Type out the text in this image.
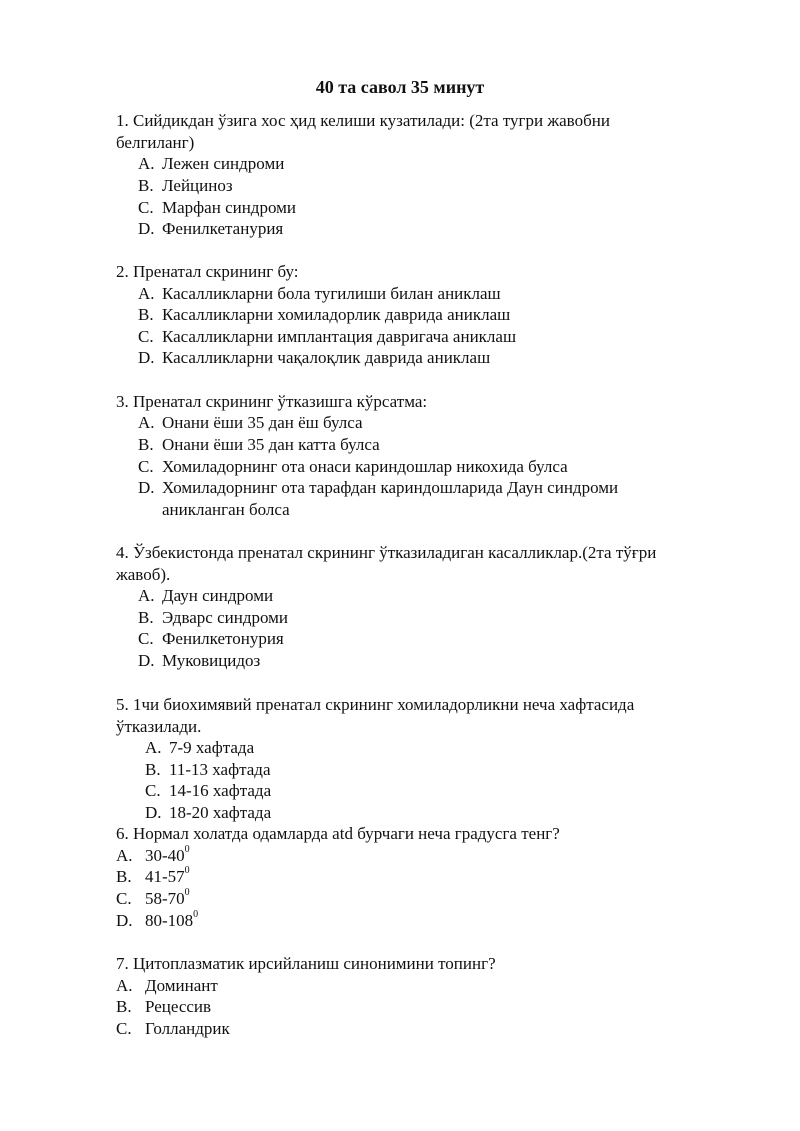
40 та савол 35 минут
1. Сийдикдан ўзига хос ҳид келиши кузатилади: (2та тугри жавобни
белгиланг)
A. Лежен синдроми
B. Лейциноз
C. Марфан синдроми
D. Фенилкетанурия
2. Пренатал скрининг бу:
A. Касалликларни бола тугилиши билан аниклаш
B. Касалликларни хомиладорлик даврида аниклаш
C. Касалликларни имплантация давригача аниклаш
D. Касалликларни чақалоқлик даврида аниклаш
3. Пренатал скрининг ўтказишга кўрсатма:
A. Онани ёши 35 дан ёш булса
B. Онани ёши 35 дан катта булса
C. Хомиладорнинг ота онаси кариндошлар никохида булса
D. Хомиладорнинг ота тарафдан кариндошларида Даун синдроми
аникланган болса
4. Ўзбекистонда пренатал скрининг ўтказиладиган касалликлар.(2та тўғри
жавоб).
A. Даун синдроми
B. Эдварс синдроми
C. Фенилкетонурия
D. Муковицидоз
5. 1чи биохимявий пренатал скрининг хомиладорликни неча хафтасида
ўтказилади.
A. 7-9 хафтада
B. 11-13 хафтада
C. 14-16 хафтада
D. 18-20 хафтада
6. Нормал холатда одамларда atd бурчаги неча градусга тенг?
A. $30-40^0$
B. $41-57^0$
C. $58-70^0$
D. $80-108^0$
7. Цитоплазматик ирсийланиш синонимини топинг?
A. Доминант
B. Рецессив
C. Голландрик
